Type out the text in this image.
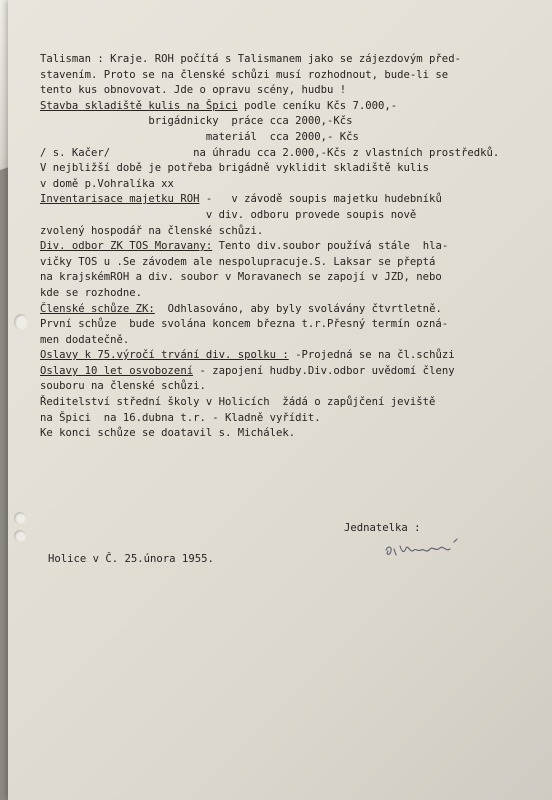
Talisman : Kraje. ROH počítá s Talismanem jako se zájezdovým před-
stavením. Proto se na členské schůzi musí rozhodnout, bude-li se
tento kus obnovovat. Jde o opravu scény, hudbu !
Stavba skladiště kulis na Špici podle ceníku Kčs 7.000,-
brigádnicky  práce cca 2000,-Kčs
materiál  cca 2000,- Kčs
/ s. Kačer/             na úhradu cca 2.000,-Kčs z vlastních prostředků.
V nejbližší době je potřeba brigádně vyklidit skladiště kulis
v domě p.Vohralíka xx
Inventarisace majetku ROH -   v závodě soupis majetku hudebníků
v div. odboru provede soupis nově
zvolený hospodář na členské schůzi.
Div. odbor ZK TOS Moravany: Tento div.soubor používá stále  hla-
vičky TOS u .Se závodem ale nespolupracuje.S. Laksar se přeptá
na krajskémROH a div. soubor v Moravanech se zapojí v JZD, nebo
kde se rozhodne.
Členské schůze ZK:  Odhlasováno, aby byly svolávány čtvrtletně.
První schůze  bude svolána koncem března t.r.Přesný termín ozná-
men dodatečně.
Oslavy k 75.výročí trvání div. spolku : -Projedná se na čl.schůzi
Oslavy 10 let osvobození - zapojení hudby.Div.odbor uvědomí členy
souboru na členské schůzi.
Ředitelství střední školy v Holicích  žádá o zapůjčení jeviště
na Špici  na 16.dubna t.r. - Kladně vyřídit.
Ke konci schůze se doatavil s. Michálek.
Jednatelka :
Holice v Č. 25.února 1955.
